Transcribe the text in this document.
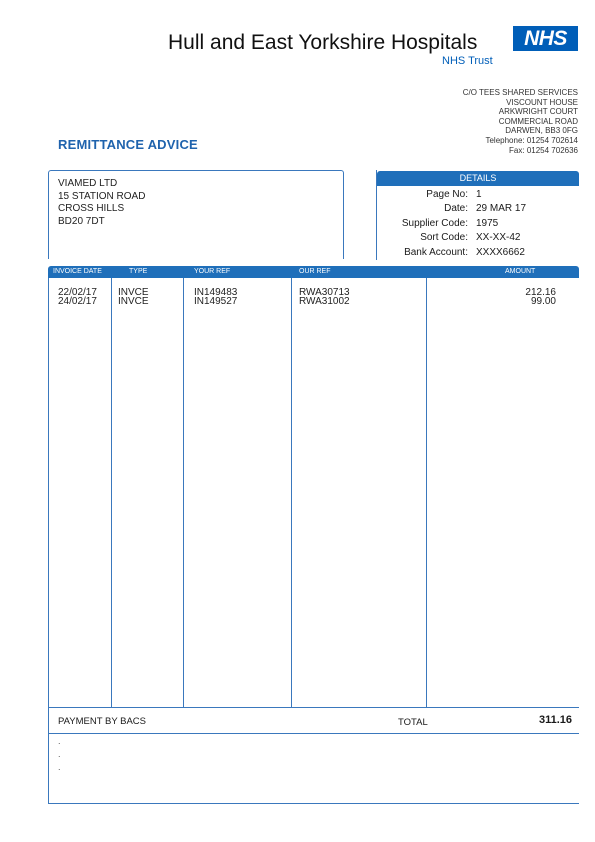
Hull and East Yorkshire Hospitals
NHS Trust
NHS
C/O TEES SHARED SERVICES
VISCOUNT HOUSE
ARKWRIGHT COURT
COMMERCIAL ROAD
DARWEN, BB3 0FG
Telephone: 01254 702614
Fax: 01254 702636
REMITTANCE ADVICE
VIAMED LTD
15 STATION ROAD
CROSS HILLS
BD20 7DT
DETAILS
Page No: 1
Date: 29 MAR 17
Supplier Code: 1975
Sort Code: XX-XX-42
Bank Account: XXXX6662
INVOICE DATE	TYPE	YOUR REF	OUR REF	AMOUNT
22/02/17 INVCE	IN149483	RWA30713	212.16
24/02/17 INVCE	IN149527	RWA31002	99.00
PAYMENT BY BACS	TOTAL	311.16
.
.
.
